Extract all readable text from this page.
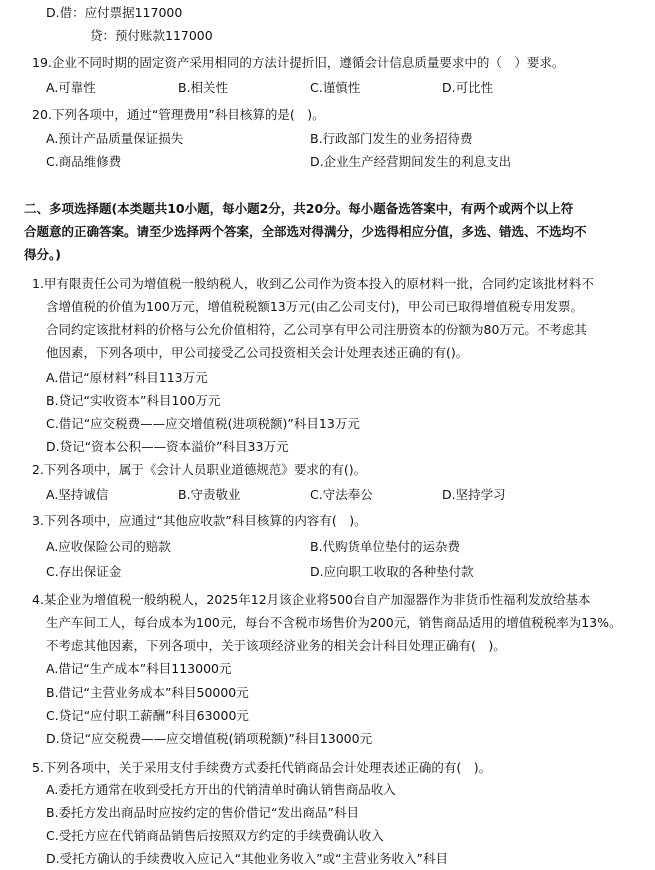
D.借：应付票据117000
贷：预付账款117000
19.企业不同时期的固定资产采用相同的方法计提折旧，遵循会计信息质量要求中的（　）要求。
A.可靠性	B.相关性	C.谨慎性	D.可比性
20.下列各项中，通过“管理费用”科目核算的是(　)。
A.预计产品质量保证损失	B.行政部门发生的业务招待费
C.商品维修费	D.企业生产经营期间发生的利息支出
二、多项选择题(本类题共10小题，每小题2分，共20分。每小题备选答案中，有两个或两个以上符
合题意的正确答案。请至少选择两个答案，全部选对得满分，少选得相应分值，多选、错选、不选均不
得分。)
1.甲有限责任公司为增值税一般纳税人，收到乙公司作为资本投入的原材料一批，合同约定该批材料不
含增值税的价值为100万元，增值税税额13万元(由乙公司支付)，甲公司已取得增值税专用发票。
合同约定该批材料的价格与公允价值相符，乙公司享有甲公司注册资本的份额为80万元。不考虑其
他因素，下列各项中，甲公司接受乙公司投资相关会计处理表述正确的有()。
A.借记“原材料”科目113万元
B.贷记“实收资本”科目100万元
C.借记“应交税费——应交增值税(进项税额)”科目13万元
D.贷记“资本公积——资本溢价”科目33万元
2.下列各项中，属于《会计人员职业道德规范》要求的有()。
A.坚持诚信	B.守责敬业	C.守法奉公	D.坚持学习
3.下列各项中，应通过“其他应收款”科目核算的内容有(　)。
A.应收保险公司的赔款	B.代购货单位垫付的运杂费
C.存出保证金	D.应向职工收取的各种垫付款
4.某企业为增值税一般纳税人，2025年12月该企业将500台自产加湿器作为非货币性福利发放给基本
生产车间工人，每台成本为100元，每台不含税市场售价为200元，销售商品适用的增值税税率为13%。
不考虑其他因素，下列各项中，关于该项经济业务的相关会计科目处理正确有(　)。
A.借记“生产成本”科目113000元
B.借记“主营业务成本”科目50000元
C.贷记“应付职工薪酬”科目63000元
D.贷记“应交税费——应交增值税(销项税额)”科目13000元
5.下列各项中，关于采用支付手续费方式委托代销商品会计处理表述正确的有(　)。
A.委托方通常在收到受托方开出的代销清单时确认销售商品收入
B.委托方发出商品时应按约定的售价借记“发出商品”科目
C.受托方应在代销商品销售后按照双方约定的手续费确认收入
D.受托方确认的手续费收入应记入“其他业务收入”或“主营业务收入”科目
